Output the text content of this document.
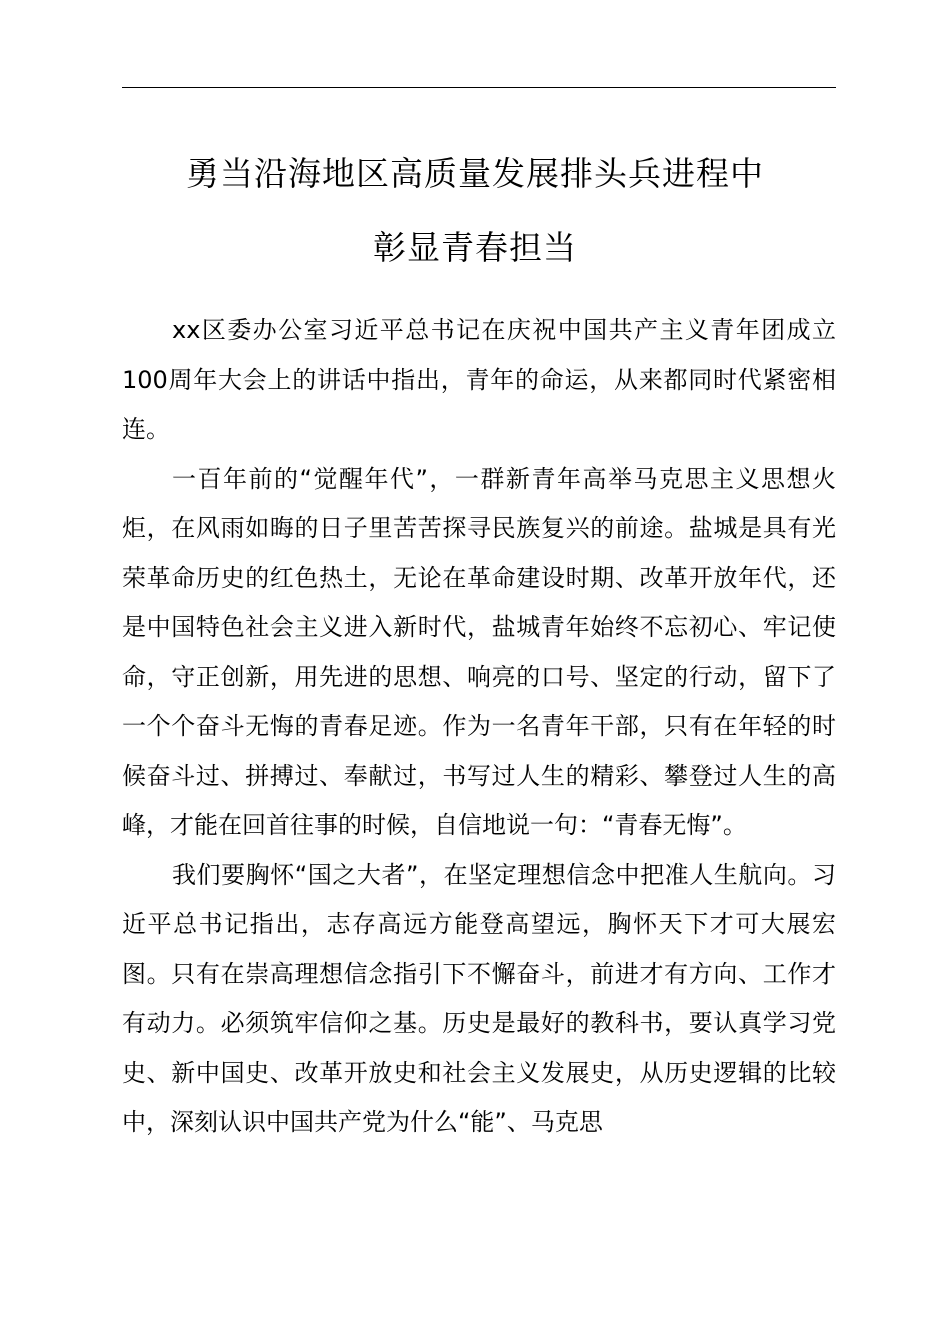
勇当沿海地区高质量发展排头兵进程中
彰显青春担当

xx区委办公室习近平总书记在庆祝中国共产主义青年团成立100周年大会上的讲话中指出，青年的命运，从来都同时代紧密相连。

一百年前的“觉醒年代”，一群新青年高举马克思主义思想火炬，在风雨如晦的日子里苦苦探寻民族复兴的前途。盐城是具有光荣革命历史的红色热土，无论在革命建设时期、改革开放年代，还是中国特色社会主义进入新时代，盐城青年始终不忘初心、牢记使命，守正创新，用先进的思想、响亮的口号、坚定的行动，留下了一个个奋斗无悔的青春足迹。作为一名青年干部，只有在年轻的时候奋斗过、拼搏过、奉献过，书写过人生的精彩、攀登过人生的高峰，才能在回首往事的时候，自信地说一句：“青春无悔”。

我们要胸怀“国之大者”，在坚定理想信念中把准人生航向。习近平总书记指出，志存高远方能登高望远，胸怀天下才可大展宏图。只有在崇高理想信念指引下不懈奋斗，前进才有方向、工作才有动力。必须筑牢信仰之基。历史是最好的教科书，要认真学习党史、新中国史、改革开放史和社会主义发展史，从历史逻辑的比较中，深刻认识中国共产党为什么“能”、马克思
